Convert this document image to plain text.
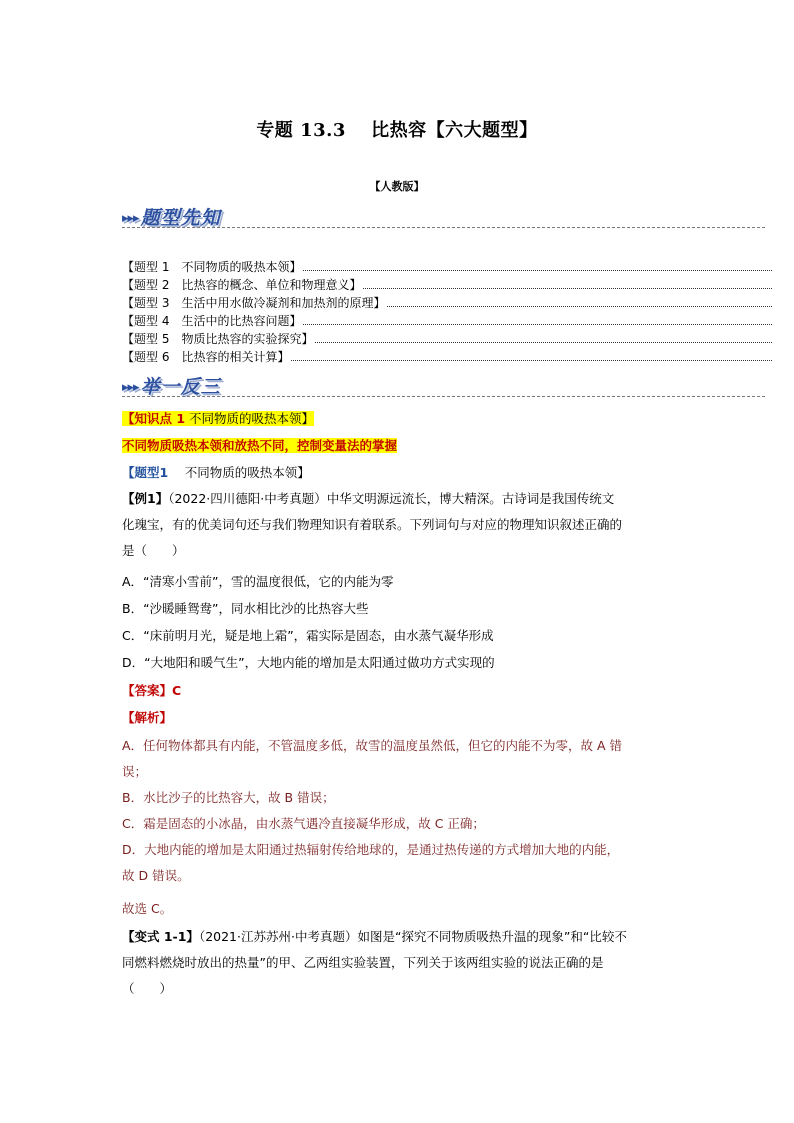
专题 13.3　 比热容【六大题型】
【人教版】
▸▸▸ 题型先知
【题型 1　不同物质的吸热本领】
【题型 2　比热容的概念、单位和物理意义】
【题型 3　生活中用水做冷凝剂和加热剂的原理】
【题型 4　生活中的比热容问题】
【题型 5　物质比热容的实验探究】
【题型 6　比热容的相关计算】
▸▸▸ 举一反三
【知识点 1 不同物质的吸热本领】
不同物质吸热本领和放热不同，控制变量法的掌握
【题型1　 不同物质的吸热本领】
【例1】（2022·四川德阳·中考真题）中华文明源远流长，博大精深。古诗词是我国传统文
化瑰宝，有的优美词句还与我们物理知识有着联系。下列词句与对应的物理知识叙述正确的
是（　　）
A．“清寒小雪前”，雪的温度很低，它的内能为零
B．“沙暖睡鸳鸯”，同水相比沙的比热容大些
C．“床前明月光，疑是地上霜”，霜实际是固态，由水蒸气凝华形成
D．“大地阳和暖气生”，大地内能的增加是太阳通过做功方式实现的
【答案】C
【解析】
A．任何物体都具有内能，不管温度多低，故雪的温度虽然低，但它的内能不为零，故 A 错
误；
B．水比沙子的比热容大，故 B 错误；
C．霜是固态的小冰晶，由水蒸气遇冷直接凝华形成，故 C 正确；
D．大地内能的增加是太阳通过热辐射传给地球的，是通过热传递的方式增加大地的内能，
故 D 错误。
故选 C。
【变式 1-1】（2021·江苏苏州·中考真题）如图是“探究不同物质吸热升温的现象”和“比较不
同燃料燃烧时放出的热量”的甲、乙两组实验装置，下列关于该两组实验的说法正确的是
（　　）
